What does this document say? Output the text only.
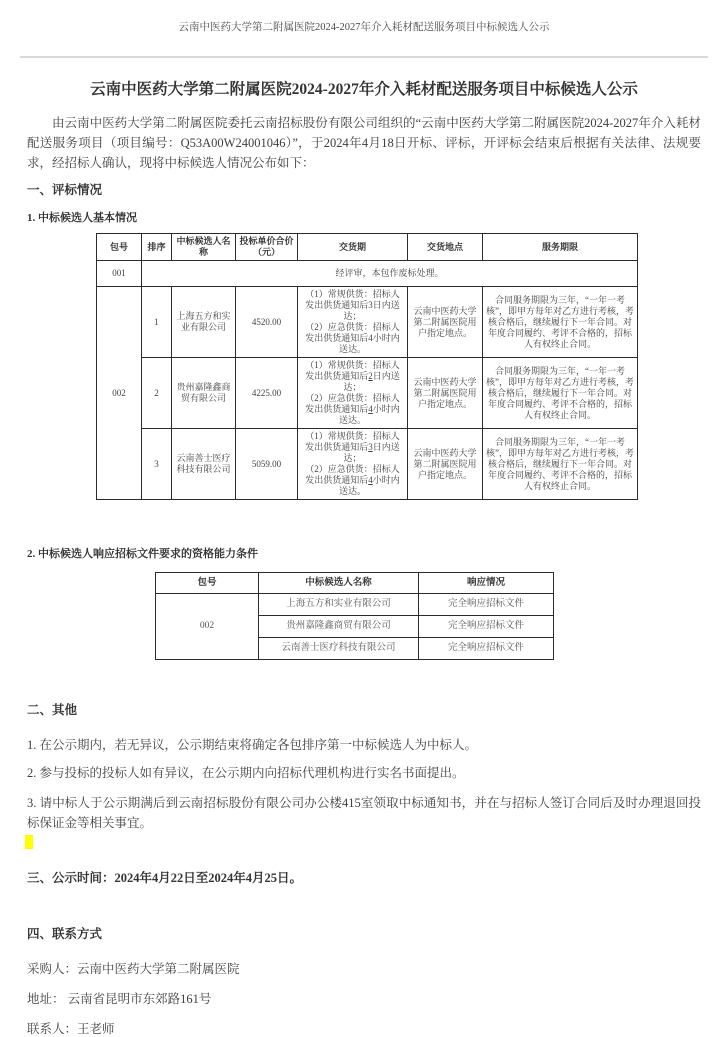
云南中医药大学第二附属医院2024-2027年介入耗材配送服务项目中标候选人公示
云南中医药大学第二附属医院2024-2027年介入耗材配送服务项目中标候选人公示
由云南中医药大学第二附属医院委托云南招标股份有限公司组织的“云南中医药大学第二附属医院2024-2027年介入耗材配送服务项目（项目编号：Q53A00W24001046）”，于2024年4月18日开标、评标，开评标会结束后根据有关法律、法规要求，经招标人确认，现将中标候选人情况公布如下：
一、评标情况
1. 中标候选人基本情况
包号	排序	中标候选人名称	投标单价合价（元）	交货期	交货地点	服务期限
001	经评审，本包作废标处理。					
002	1	上海五方和实业有限公司	4520.00	（1）常规供货：招标人发出供货通知后3日内送达；
（2）应急供货：招标人发出供货通知后4小时内送达。	云南中医药大学第二附属医院用户指定地点。	合同服务期限为三年，“一年一考核”，即甲方每年对乙方进行考核，考核合格后，继续履行下一年合同。对年度合同履约、考评不合格的，招标人有权终止合同。
	2	贵州嘉隆鑫商贸有限公司	4225.00	（1）常规供货：招标人发出供货通知后2日内送达；
（2）应急供货：招标人发出供货通知后4小时内送达。	云南中医药大学第二附属医院用户指定地点。	合同服务期限为三年，“一年一考核”，即甲方每年对乙方进行考核，考核合格后，继续履行下一年合同。对年度合同履约、考评不合格的，招标人有权终止合同。
	3	云南善士医疗科技有限公司	5059.00	（1）常规供货：招标人发出供货通知后3日内送达；
（2）应急供货：招标人发出供货通知后4小时内送达。	云南中医药大学第二附属医院用户指定地点。	合同服务期限为三年，“一年一考核”，即甲方每年对乙方进行考核，考核合格后，继续履行下一年合同。对年度合同履约、考评不合格的，招标人有权终止合同。
2. 中标候选人响应招标文件要求的资格能力条件
包号	中标候选人名称	响应情况
002	上海五方和实业有限公司	完全响应招标文件
	贵州嘉隆鑫商贸有限公司	完全响应招标文件
	云南善士医疗科技有限公司	完全响应招标文件
二、其他
1. 在公示期内，若无异议，公示期结束将确定各包排序第一中标候选人为中标人。
2. 参与投标的投标人如有异议，在公示期内向招标代理机构进行实名书面提出。
3. 请中标人于公示期满后到云南招标股份有限公司办公楼415室领取中标通知书，并在与招标人签订合同后及时办理退回投标保证金等相关事宜。
三、公示时间：2024年4月22日至2024年4月25日。
四、联系方式
采购人：云南中医药大学第二附属医院
地址： 云南省昆明市东郊路161号
联系人：王老师
